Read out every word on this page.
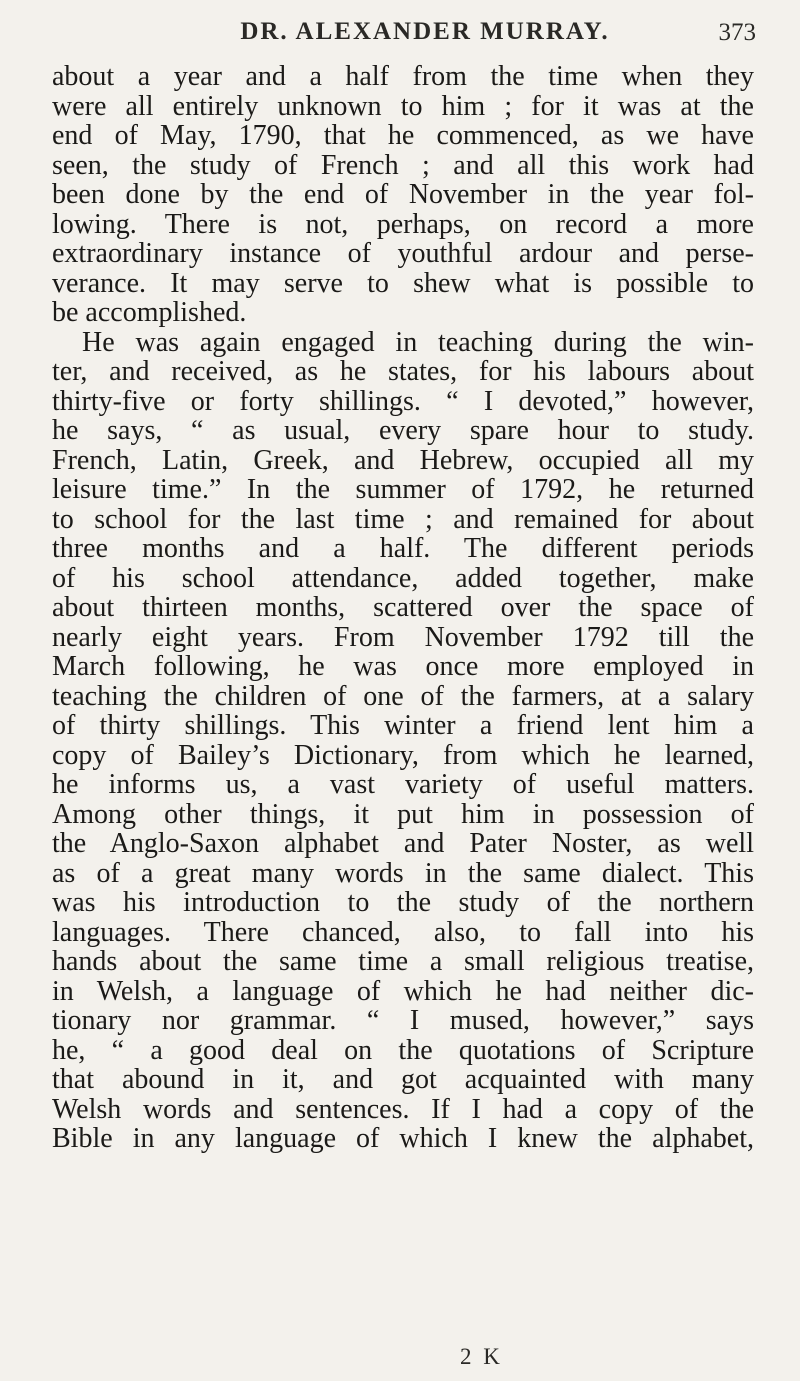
DR. ALEXANDER MURRAY.	373
about a year and a half from the time when they
were all entirely unknown to him ; for it was at the
end of May, 1790, that he commenced, as we have
seen, the study of French ; and all this work had
been done by the end of November in the year fol-
lowing. There is not, perhaps, on record a more
extraordinary instance of youthful ardour and perse-
verance. It may serve to shew what is possible to
be accomplished.
He was again engaged in teaching during the win-
ter, and received, as he states, for his labours about
thirty-five or forty shillings. “ I devoted,” however,
he says, “ as usual, every spare hour to study.
French, Latin, Greek, and Hebrew, occupied all my
leisure time.” In the summer of 1792, he returned
to school for the last time ; and remained for about
three months and a half. The different periods
of his school attendance, added together, make
about thirteen months, scattered over the space of
nearly eight years. From November 1792 till the
March following, he was once more employed in
teaching the children of one of the farmers, at a salary
of thirty shillings. This winter a friend lent him a
copy of Bailey’s Dictionary, from which he learned,
he informs us, a vast variety of useful matters.
Among other things, it put him in possession of
the Anglo-Saxon alphabet and Pater Noster, as well
as of a great many words in the same dialect. This
was his introduction to the study of the northern
languages. There chanced, also, to fall into his
hands about the same time a small religious treatise,
in Welsh, a language of which he had neither dic-
tionary nor grammar. “ I mused, however,” says
he, “ a good deal on the quotations of Scripture
that abound in it, and got acquainted with many
Welsh words and sentences. If I had a copy of the
Bible in any language of which I knew the alphabet,
2 K
